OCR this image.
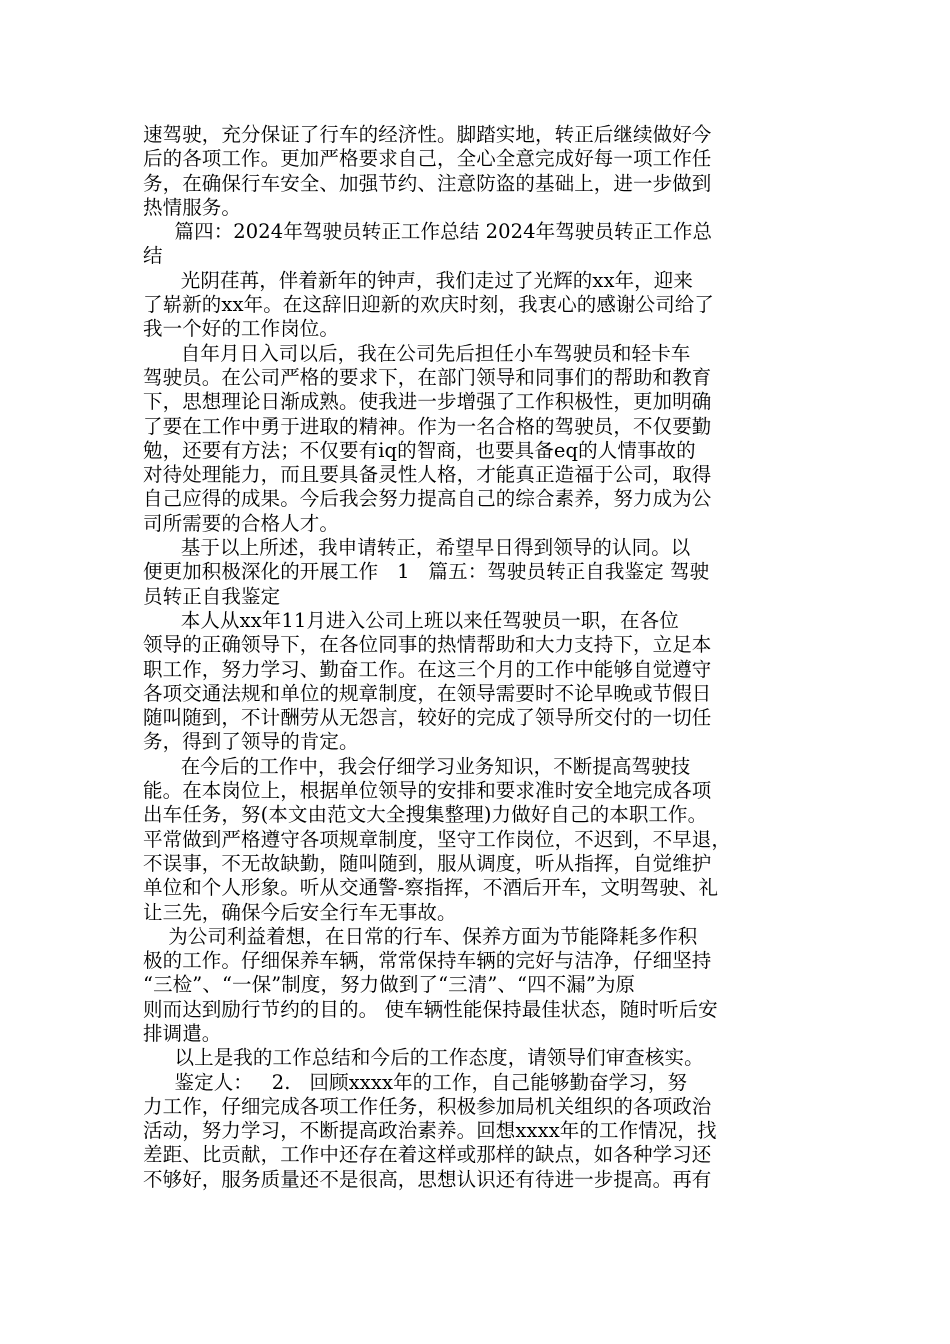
速驾驶，充分保证了行车的经济性。脚踏实地，转正后继续做好今
后的各项工作。更加严格要求自己，全心全意完成好每一项工作任
务，在确保行车安全、加强节约、注意防盗的基础上，进一步做到
热情服务。
篇四：2024年驾驶员转正工作总结 2024年驾驶员转正工作总
结
光阴荏苒，伴着新年的钟声，我们走过了光辉的xx年，迎来
了崭新的xx年。在这辞旧迎新的欢庆时刻，我衷心的感谢公司给了
我一个好的工作岗位。
自年月日入司以后，我在公司先后担任小车驾驶员和轻卡车
驾驶员。在公司严格的要求下，在部门领导和同事们的帮助和教育
下，思想理论日渐成熟。使我进一步增强了工作积极性，更加明确
了要在工作中勇于进取的精神。作为一名合格的驾驶员，不仅要勤
勉，还要有方法；不仅要有iq的智商，也要具备eq的人情事故的
对待处理能力，而且要具备灵性人格，才能真正造福于公司，取得
自己应得的成果。今后我会努力提高自己的综合素养，努力成为公
司所需要的合格人才。
基于以上所述，我申请转正，希望早日得到领导的认同。以
便更加积极深化的开展工作   1   篇五：驾驶员转正自我鉴定 驾驶
员转正自我鉴定
本人从xx年11月进入公司上班以来任驾驶员一职，在各位
领导的正确领导下，在各位同事的热情帮助和大力支持下，立足本
职工作，努力学习、勤奋工作。在这三个月的工作中能够自觉遵守
各项交通法规和单位的规章制度，在领导需要时不论早晚或节假日
随叫随到，不计酬劳从无怨言，较好的完成了领导所交付的一切任
务，得到了领导的肯定。
在今后的工作中，我会仔细学习业务知识，不断提高驾驶技
能。在本岗位上，根据单位领导的安排和要求准时安全地完成各项
出车任务，努(本文由范文大全搜集整理)力做好自己的本职工作。
平常做到严格遵守各项规章制度，坚守工作岗位，不迟到，不早退，
不误事，不无故缺勤，随叫随到，服从调度，听从指挥，自觉维护
单位和个人形象。听从交通警-察指挥，不酒后开车，文明驾驶、礼
让三先，确保今后安全行车无事故。
为公司利益着想，在日常的行车、保养方面为节能降耗多作积
极的工作。仔细保养车辆，常常保持车辆的完好与洁净，仔细坚持
“三检”、“一保”制度，努力做到了“三清”、“四不漏”为原
则而达到励行节约的目的。 使车辆性能保持最佳状态，随时听后安
排调遣。
以上是我的工作总结和今后的工作态度，请领导们审查核实。
鉴定人：   2.   回顾xxxx年的工作，自己能够勤奋学习，努
力工作，仔细完成各项工作任务，积极参加局机关组织的各项政治
活动，努力学习，不断提高政治素养。回想xxxx年的工作情况，找
差距、比贡献，工作中还存在着这样或那样的缺点，如各种学习还
不够好，服务质量还不是很高，思想认识还有待进一步提高。再有
